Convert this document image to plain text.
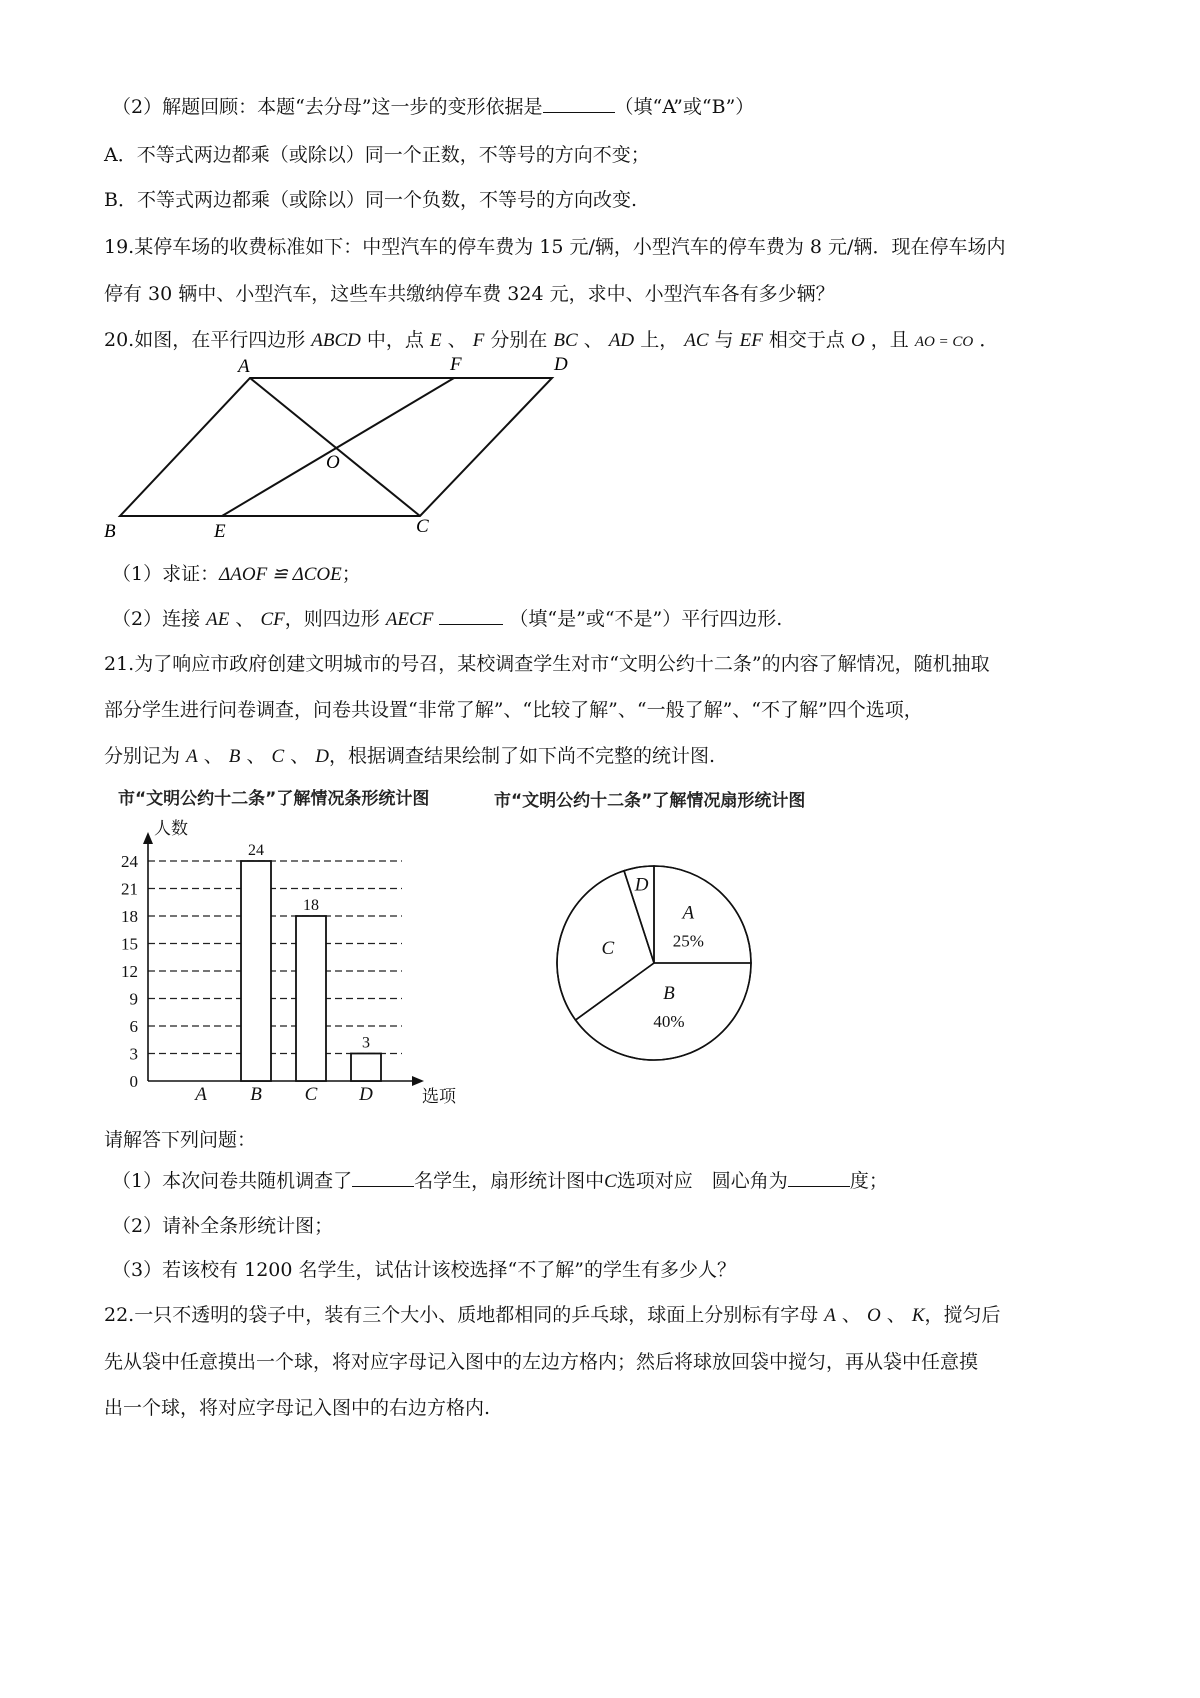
（2）解题回顾：本题“去分母”这一步的变形依据是	（填“A”或“B”）
A．不等式两边都乘（或除以）同一个正数，不等号的方向不变；
B．不等式两边都乘（或除以）同一个负数，不等号的方向改变.
19.某停车场的收费标准如下：中型汽车的停车费为 15 元/辆，小型汽车的停车费为 8 元/辆．现在停车场内
停有 30 辆中、小型汽车，这些车共缴纳停车费 324 元，求中、小型汽车各有多少辆？
20.如图，在平行四边形 ABCD 中，点 E 、 F 分别在 BC 、 AD 上， AC 与 EF 相交于点 O ，且 AO = CO ．
A	F	D
O
B	E	C
（1）求证：ΔAOF ≌ ΔCOE；
（2）连接 AE 、 CF，则四边形 AECF	（填“是”或“不是”）平行四边形.
21.为了响应市政府创建文明城市的号召，某校调查学生对市“文明公约十二条”的内容了解情况，随机抽取
部分学生进行问卷调查，问卷共设置“非常了解”、“比较了解”、“一般了解”、“不了解”四个选项，
分别记为 A 、 B 、 C 、 D，根据调查结果绘制了如下尚不完整的统计图.
市“文明公约十二条”了解情况条形统计图	市“文明公约十二条”了解情况扇形统计图
0
3
6
9
12
15
18
21
24
人数
选项
A
24
B
18
C
3
D
A
25%
B
40%
C
D
请解答下列问题：
（1）本次问卷共随机调查了	名学生，扇形统计图中C选项对应　圆心角为	度；
（2）请补全条形统计图；
（3）若该校有 1200 名学生，试估计该校选择“不了解”的学生有多少人？
22.一只不透明的袋子中，装有三个大小、质地都相同的乒乓球，球面上分别标有字母 A 、 O 、 K，搅匀后
先从袋中任意摸出一个球，将对应字母记入图中的左边方格内；然后将球放回袋中搅匀，再从袋中任意摸
出一个球，将对应字母记入图中的右边方格内.
